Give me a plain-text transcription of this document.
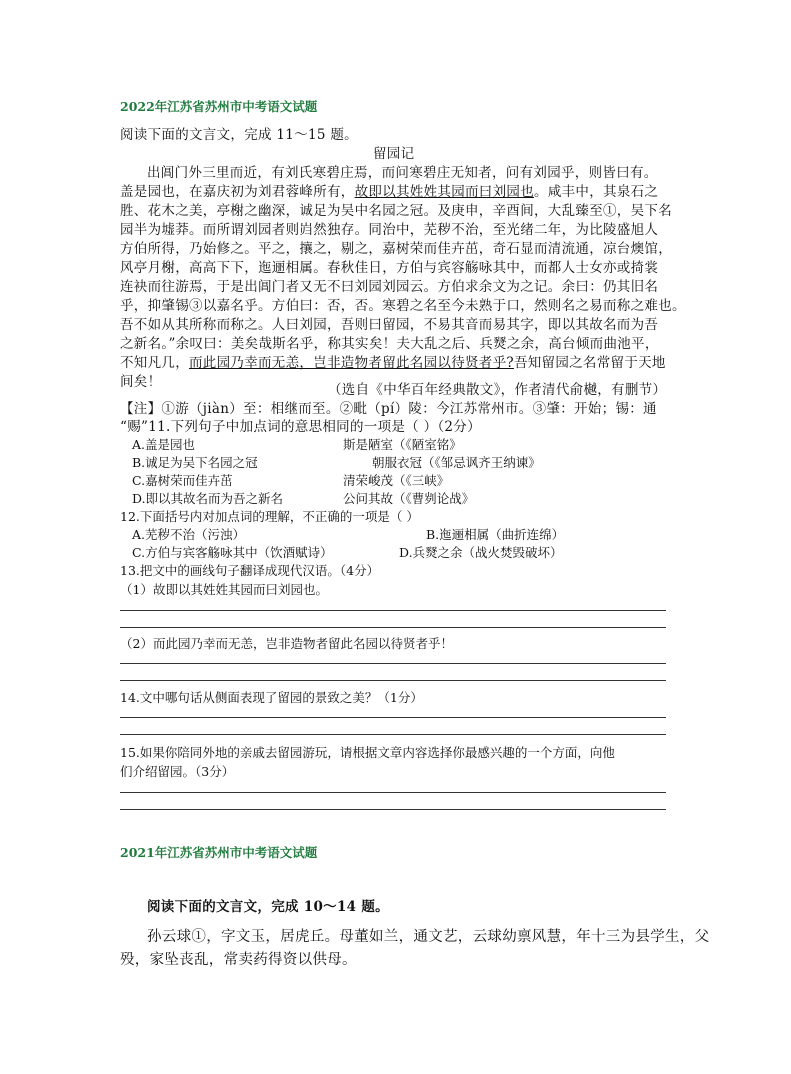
2022年江苏省苏州市中考语文试题
阅读下面的文言文，完成 11～15 题。
留园记
出阊门外三里而近，有刘氏寒碧庄焉，而问寒碧庄无知者，问有刘园乎，则皆曰有。
盖是园也，在嘉庆初为刘君蓉峰所有，故即以其姓姓其园而曰刘园也。咸丰中，其泉石之
胜、花木之美，亭榭之幽深，诚足为吴中名园之冠。及庚申，辛酉间，大乱臻至①，吴下名
园半为墟莽。而所谓刘园者则岿然独存。同治中，芜秽不治，至光绪二年，为比陵盛旭人
方伯所得，乃始修之。平之，攘之，剔之，嘉树荣而佳卉茁，奇石显而清流通，凉台燠馆，
风亭月榭，高高下下，迤逦相属。春秋佳日，方伯与宾容觞咏其中，而都人士女亦或掎裳
连袂而往游焉，于是出阊门者又无不曰刘园刘园云。方伯求余文为之记。余曰：仍其旧名
乎，抑肇锡③以嘉名乎。方伯曰：否，否。寒碧之名至今未熟于口，然则名之易而称之难也。
吾不如从其所称而称之。人曰刘园，吾则曰留园，不易其音而易其字，即以其故名而为吾
之新名。”余叹曰：美矣哉斯名乎，称其实矣！夫大乱之后、兵燹之余，高台倾而曲池平，
不知凡几，而此园乃幸而无恙，岂非造物者留此名园以待贤者乎?吾知留园之名常留于天地
间矣！	（选自《中华百年经典散文》，作者清代俞樾，有删节）
【注】①游（jiàn）至：相继而至。②毗（pí）陵：今江苏常州市。③肇：开始；锡：通
“赐”11.下列句子中加点词的意思相同的一项是（ ）（2分）
A.盖是园也	斯是陋室（《陋室铭》
B.诚足为吴下名园之冠	朝服衣冠（《邹忌讽齐王纳谏》
C.嘉树荣而佳卉茁	清荣峻茂（《三峡》
D.即以其故名而为吾之新名	公问其故（《曹刿论战》
12.下面括号内对加点词的理解，不正确的一项是（ ）
A.芜秽不治（污浊）	B.迤逦相属（曲折连绵）
C.方伯与宾客觞咏其中（饮酒赋诗）	D.兵燹之余（战火焚毁破坏）
13.把文中的画线句子翻译成现代汉语。（4分）
（1）故即以其姓姓其园而曰刘园也。
（2）而此园乃幸而无恙，岂非造物者留此名园以待贤者乎！
14.文中哪句话从侧面表现了留园的景致之美？（1分）
15.如果你陪同外地的亲戚去留园游玩，请根据文章内容选择你最感兴趣的一个方面，向他
们介绍留园。（3分）
2021年江苏省苏州市中考语文试题
阅读下面的文言文，完成 10～14 题。
孙云球①，字文玉，居虎丘。母董如兰，通文艺，云球幼禀风慧，年十三为县学生，父
殁，家坠丧乱，常卖药得资以供母。
